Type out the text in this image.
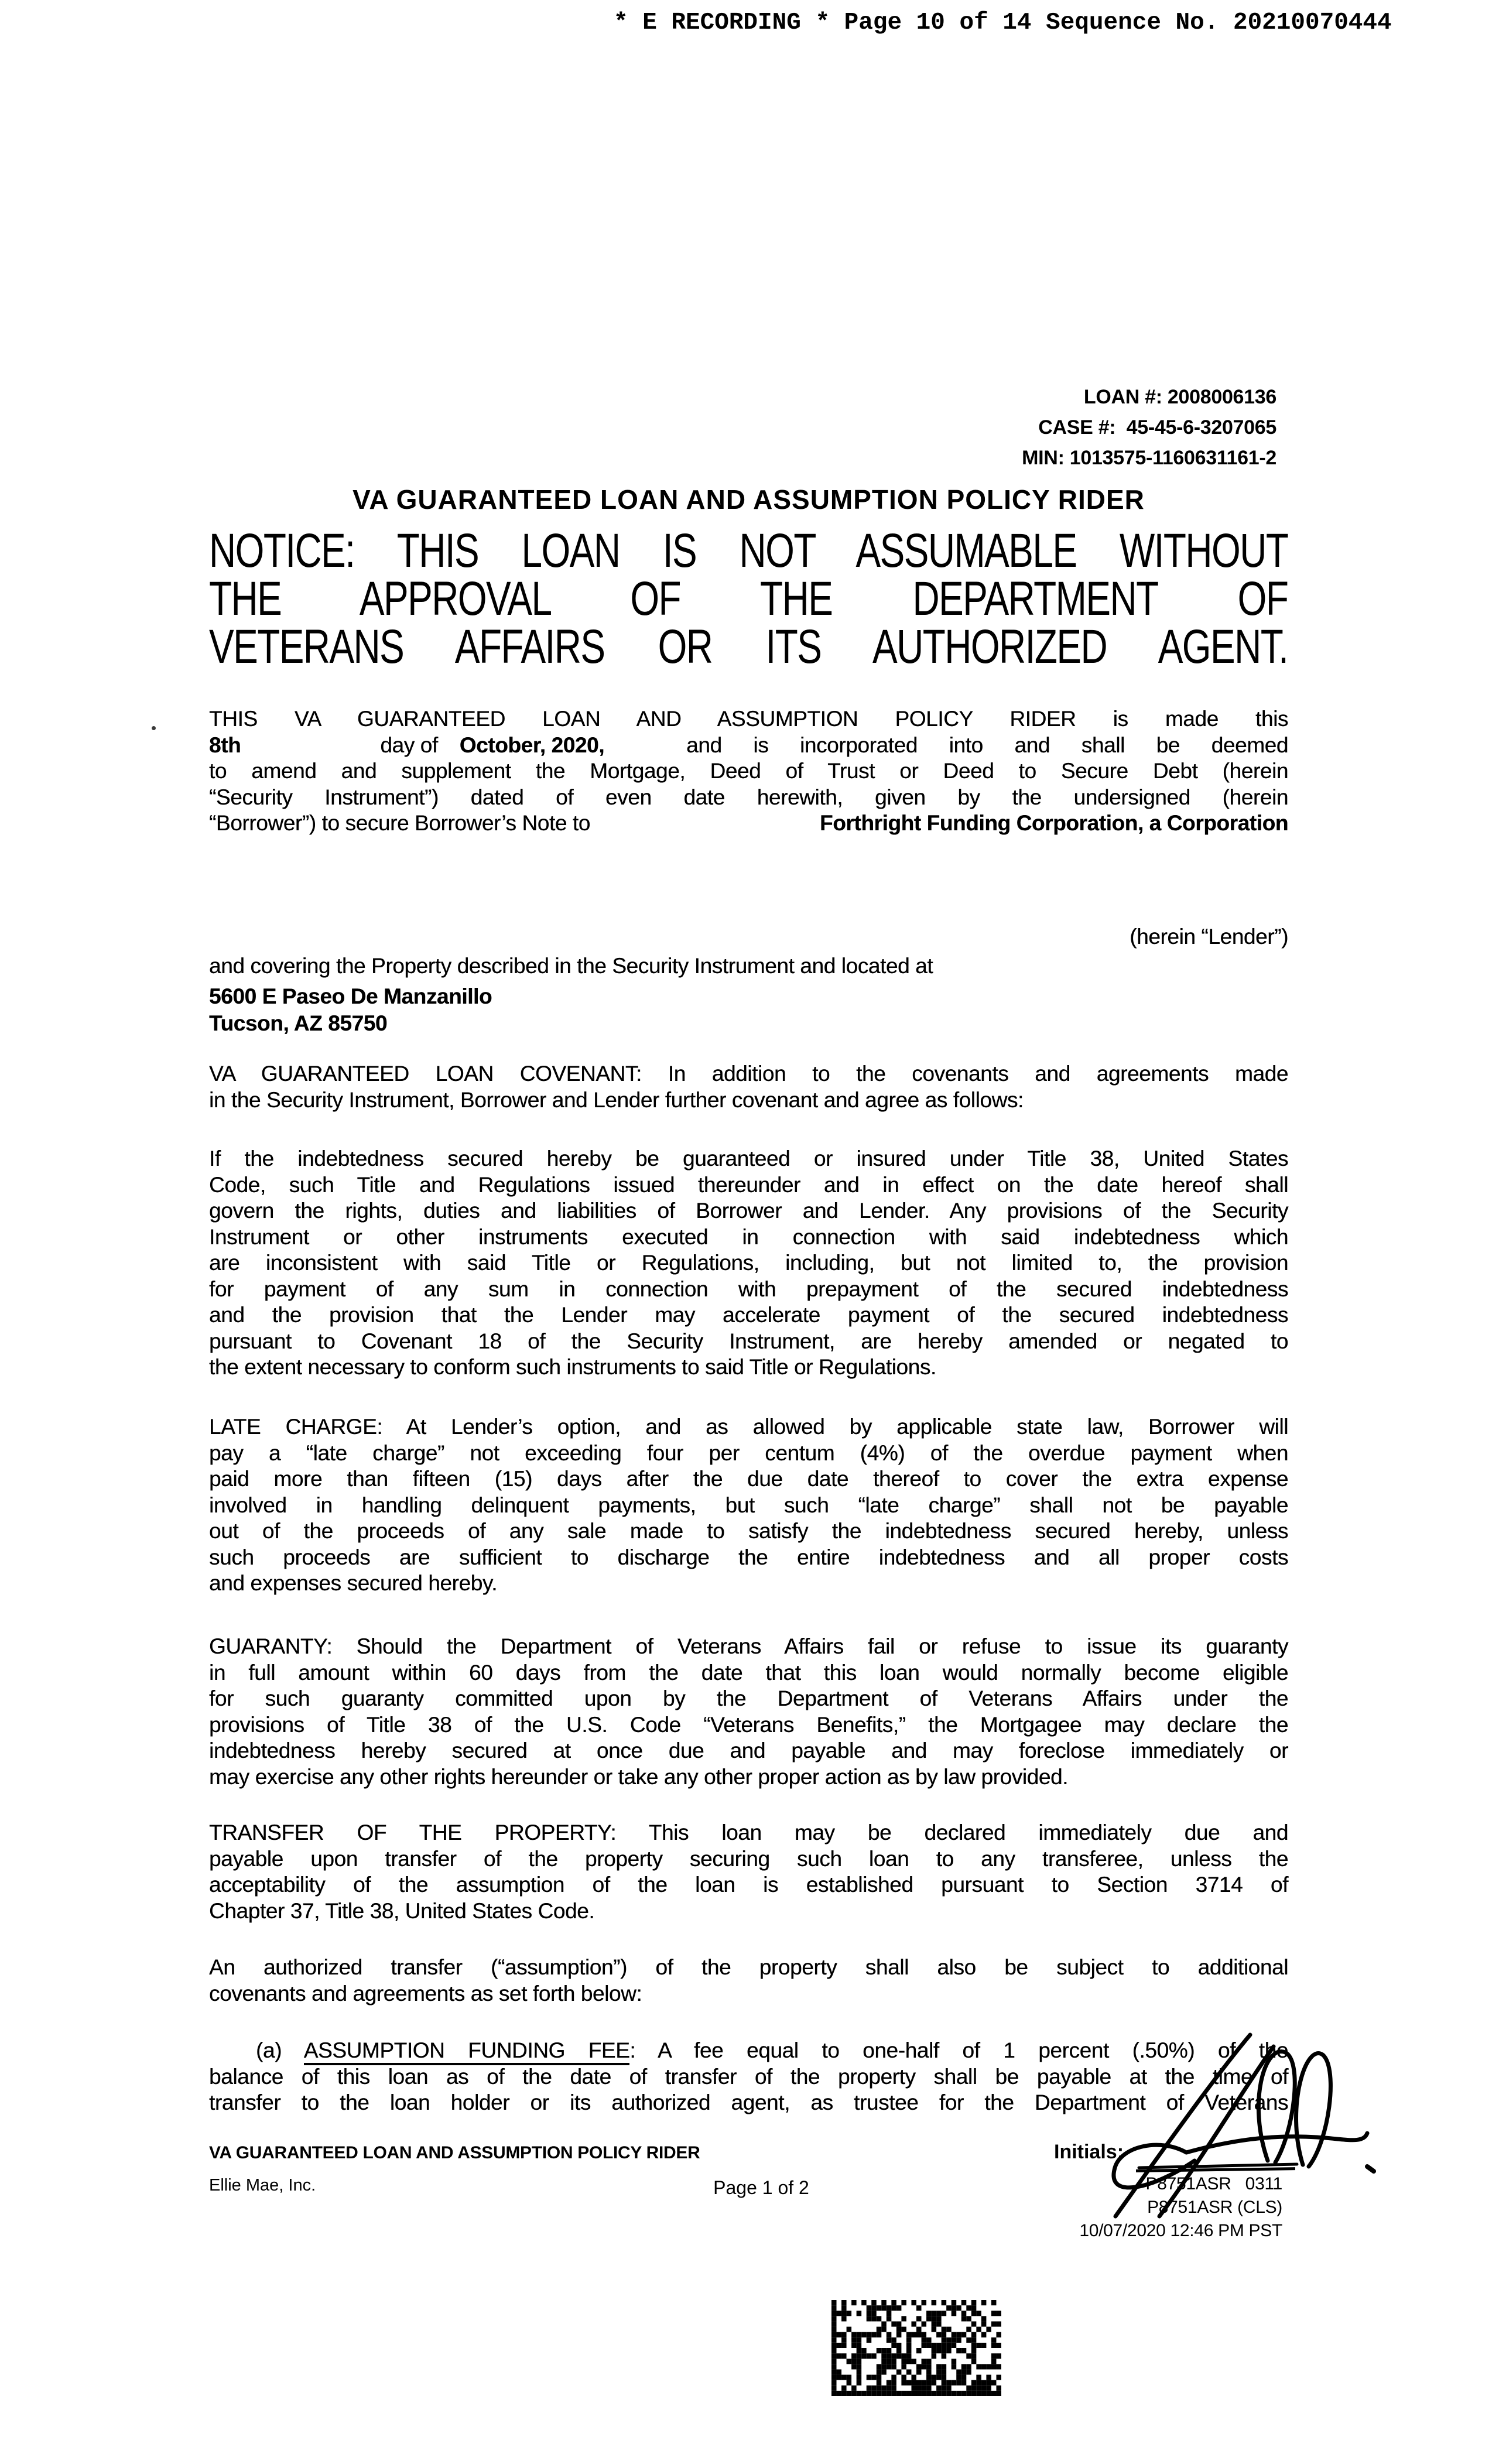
* E RECORDING * Page 10 of 14 Sequence No. 20210070444
LOAN #: 2008006136
CASE #:  45-45-6-3207065
MIN: 1013575-1160631161-2
VA GUARANTEED LOAN AND ASSUMPTION POLICY RIDER
NOTICE: THIS LOAN IS NOT ASSUMABLE WITHOUT
THE APPROVAL OF THE DEPARTMENT OF
VETERANS AFFAIRS OR ITS AUTHORIZED AGENT.
THIS VA GUARANTEED LOAN AND ASSUMPTION POLICY RIDER is made this
8th	day of October, 2020,	and is incorporated into and shall be deemed
to amend and supplement the Mortgage, Deed of Trust or Deed to Secure Debt (herein
“Security Instrument”) dated of even date herewith, given by the undersigned (herein
“Borrower”) to secure Borrower’s Note to	Forthright Funding Corporation, a Corporation
(herein “Lender”)
and covering the Property described in the Security Instrument and located at
5600 E Paseo De Manzanillo
Tucson, AZ 85750
VA GUARANTEED LOAN COVENANT: In addition to the covenants and agreements made
in the Security Instrument, Borrower and Lender further covenant and agree as follows:
If the indebtedness secured hereby be guaranteed or insured under Title 38, United States
Code, such Title and Regulations issued thereunder and in effect on the date hereof shall
govern the rights, duties and liabilities of Borrower and Lender. Any provisions of the Security
Instrument or other instruments executed in connection with said indebtedness which
are inconsistent with said Title or Regulations, including, but not limited to, the provision
for payment of any sum in connection with prepayment of the secured indebtedness
and the provision that the Lender may accelerate payment of the secured indebtedness
pursuant to Covenant 18 of the Security Instrument, are hereby amended or negated to
the extent necessary to conform such instruments to said Title or Regulations.
LATE CHARGE: At Lender’s option, and as allowed by applicable state law, Borrower will
pay a “late charge” not exceeding four per centum (4%) of the overdue payment when
paid more than fifteen (15) days after the due date thereof to cover the extra expense
involved in handling delinquent payments, but such “late charge” shall not be payable
out of the proceeds of any sale made to satisfy the indebtedness secured hereby, unless
such proceeds are sufficient to discharge the entire indebtedness and all proper costs
and expenses secured hereby.
GUARANTY: Should the Department of Veterans Affairs fail or refuse to issue its guaranty
in full amount within 60 days from the date that this loan would normally become eligible
for such guaranty committed upon by the Department of Veterans Affairs under the
provisions of Title 38 of the U.S. Code “Veterans Benefits,” the Mortgagee may declare the
indebtedness hereby secured at once due and payable and may foreclose immediately or
may exercise any other rights hereunder or take any other proper action as by law provided.
TRANSFER OF THE PROPERTY: This loan may be declared immediately due and
payable upon transfer of the property securing such loan to any transferee, unless the
acceptability of the assumption of the loan is established pursuant to Section 3714 of
Chapter 37, Title 38, United States Code.
An authorized transfer (“assumption”) of the property shall also be subject to additional
covenants and agreements as set forth below:
(a) ASSUMPTION FUNDING FEE: A fee equal to one-half of 1 percent (.50%) of the
balance of this loan as of the date of transfer of the property shall be payable at the time of
transfer to the loan holder or its authorized agent, as trustee for the Department of Veterans
VA GUARANTEED LOAN AND ASSUMPTION POLICY RIDER	Initials:
Ellie Mae, Inc.	Page 1 of 2	P8751ASR   0311
P8751ASR (CLS)
10/07/2020 12:46 PM PST
